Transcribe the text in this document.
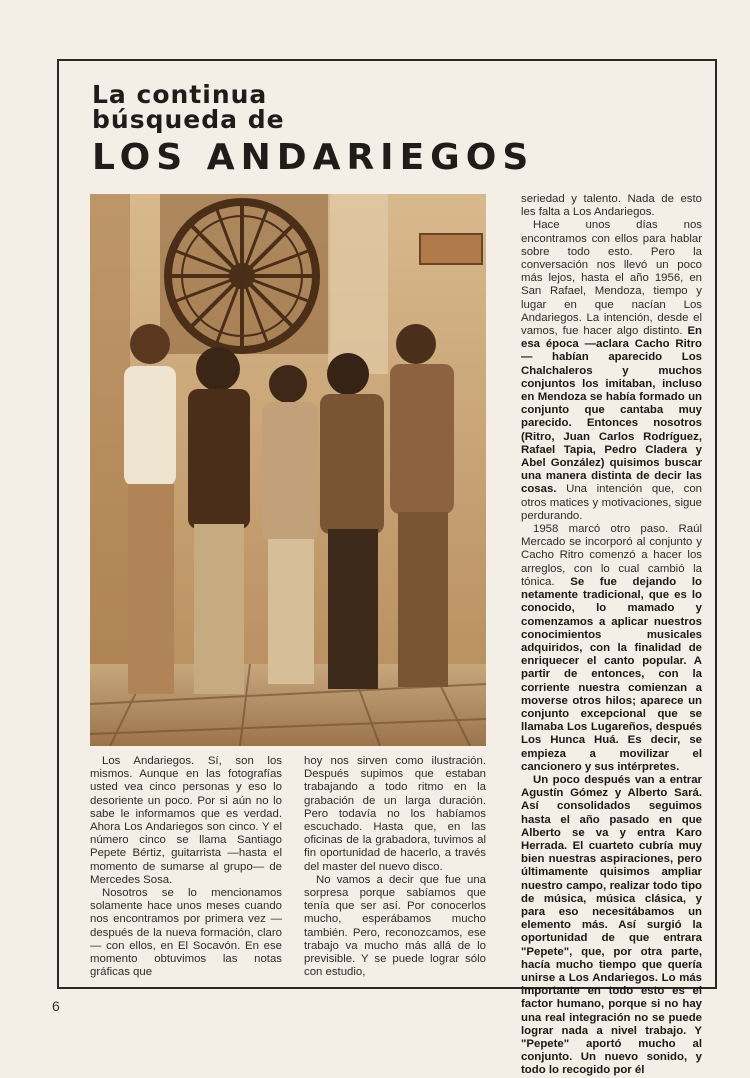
La continua
búsqueda de
LOS ANDARIEGOS

Los Andariegos. Sí, son los mismos. Aunque en las fotografías usted vea cinco personas y eso lo desoriente un poco. Por si aún no lo sabe le informamos que es verdad. Ahora Los Andariegos son cinco. Y el número cinco se llama Santiago Pepete Bértiz, guitarrista —hasta el momento de sumarse al grupo— de Mercedes Sosa.

Nosotros se lo mencionamos solamente hace unos meses cuando nos encontramos por primera vez —después de la nueva formación, claro— con ellos, en El Socavón. En ese momento obtuvimos las notas gráficas que

hoy nos sirven como ilustración. Después supimos que estaban trabajando a todo ritmo en la grabación de un larga duración. Pero todavía no los habíamos escuchado. Hasta que, en las oficinas de la grabadora, tuvimos al fin oportunidad de hacerlo, a través del master del nuevo disco.

No vamos a decir que fue una sorpresa porque sabíamos que tenía que ser así. Por conocerlos mucho, esperábamos mucho también. Pero, reconozcamos, ese trabajo va mucho más allá de lo previsible. Y se puede lograr sólo con estudio,

seriedad y talento. Nada de esto les falta a Los Andariegos.

Hace unos días nos encontramos con ellos para hablar sobre todo esto. Pero la conversación nos llevó un poco más lejos, hasta el año 1956, en San Rafael, Mendoza, tiempo y lugar en que nacían Los Andariegos. La intención, desde el vamos, fue hacer algo distinto. En esa época —aclara Cacho Ritro— habían aparecido Los Chalchaleros y muchos conjuntos los imitaban, incluso en Mendoza se había formado un conjunto que cantaba muy parecido. Entonces nosotros (Ritro, Juan Carlos Rodríguez, Rafael Tapia, Pedro Cladera y Abel González) quisimos buscar una manera distinta de decir las cosas. Una intención que, con otros matices y motivaciones, sigue perdurando.

1958 marcó otro paso. Raúl Mercado se incorporó al conjunto y Cacho Ritro comenzó a hacer los arreglos, con lo cual cambió la tónica. Se fue dejando lo netamente tradicional, que es lo conocido, lo mamado y comenzamos a aplicar nuestros conocimientos musicales adquiridos, con la finalidad de enriquecer el canto popular. A partir de entonces, con la corriente nuestra comienzan a moverse otros hilos; aparece un conjunto excepcional que se llamaba Los Lugareños, después Los Hunca Huá. Es decir, se empieza a movilizar el cancionero y sus intérpretes.

Un poco después van a entrar Agustín Gómez y Alberto Sará. Así consolidados seguimos hasta el año pasado en que Alberto se va y entra Karo Herrada. El cuarteto cubría muy bien nuestras aspiraciones, pero últimamente quisimos ampliar nuestro campo, realizar todo tipo de música, música clásica, y para eso necesitábamos un elemento más. Así surgió la oportunidad de que entrara "Pepete", que, por otra parte, hacía mucho tiempo que quería unirse a Los Andariegos. Lo más importante en todo esto es el factor humano, porque si no hay una real integración no se puede lograr nada a nivel trabajo. Y "Pepete" aportó mucho al conjunto. Un nuevo sonido, y todo lo recogido por él

6
